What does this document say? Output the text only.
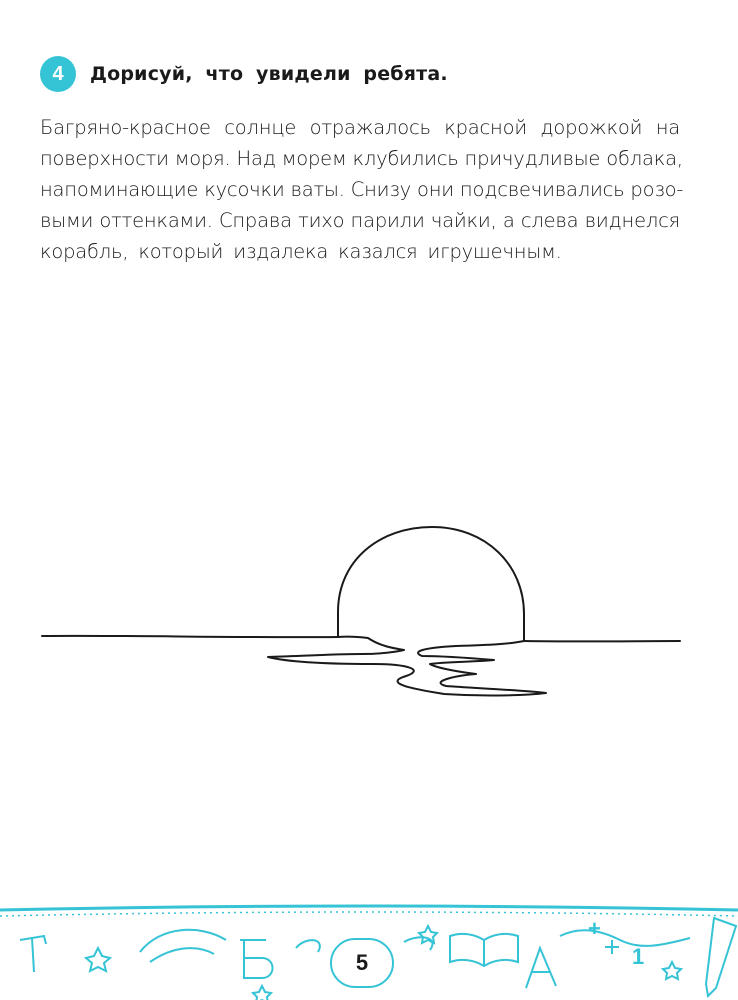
4	Дорисуй, что увидели ребята.
Багряно-красное солнце отражалось красной дорожкой на
поверхности моря. Над морем клубились причудливые облака,
напоминающие кусочки ваты. Снизу они подсвечивались розо-
выми оттенками. Справа тихо парили чайки, а слева виднелся
корабль, который издалека казался игрушечным.
+
1
5
